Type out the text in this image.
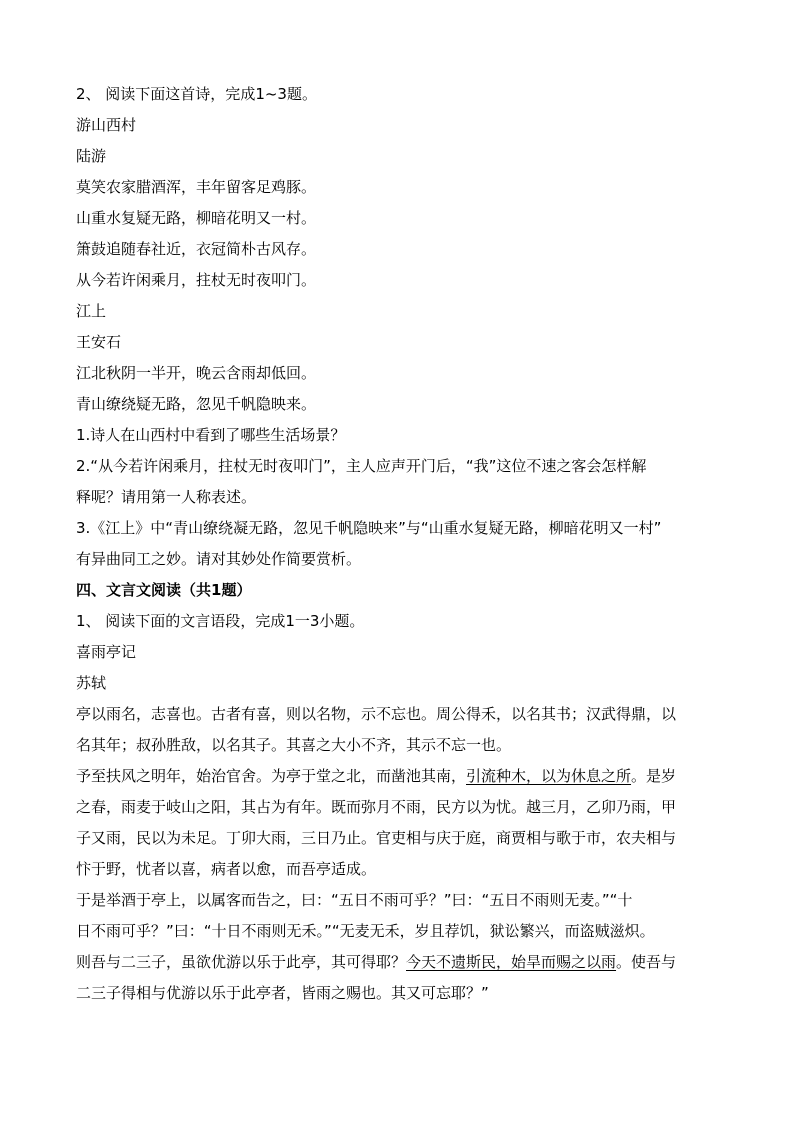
2、 阅读下面这首诗，完成1~3题。
游山西村
陆游
莫笑农家腊酒浑，丰年留客足鸡豚。
山重水复疑无路，柳暗花明又一村。
箫鼓追随春社近，衣冠简朴古风存。
从今若许闲乘月，拄杖无时夜叩门。
江上
王安石
江北秋阴一半开，晚云含雨却低回。
青山缭绕疑无路，忽见千帆隐映来。
1.诗人在山西村中看到了哪些生活场景？
2.“从今若许闲乘月，拄杖无时夜叩门”，主人应声开门后，“我”这位不速之客会怎样解
释呢？请用第一人称表述。
3.《江上》中“青山缭绕凝无路，忽见千帆隐映来”与“山重水复疑无路，柳暗花明又一村”
有异曲同工之妙。请对其妙处作简要赏析。
四、文言文阅读（共1题）
1、 阅读下面的文言语段，完成1一3小题。
喜雨亭记
苏轼
亭以雨名，志喜也。古者有喜，则以名物，示不忘也。周公得禾，以名其书；汉武得鼎，以
名其年；叔孙胜敌，以名其子。其喜之大小不齐，其示不忘一也。
予至扶风之明年，始治官舍。为亭于堂之北，而凿池其南，引流种木，以为休息之所。是岁
之春，雨麦于岐山之阳，其占为有年。既而弥月不雨，民方以为忧。越三月，乙卯乃雨，甲
子又雨，民以为未足。丁卯大雨，三日乃止。官吏相与庆于庭，商贾相与歌于市，农夫相与
忭于野，忧者以喜，病者以愈，而吾亭适成。
于是举酒于亭上，以属客而告之，曰：“五日不雨可乎？”曰：“五日不雨则无麦。”“十
日不雨可乎？”曰：“十日不雨则无禾。”“无麦无禾，岁且荐饥，狱讼繁兴，而盗贼滋炽。
则吾与二三子，虽欲优游以乐于此亭，其可得耶？今天不遗斯民，始旱而赐之以雨。使吾与
二三子得相与优游以乐于此亭者，皆雨之赐也。其又可忘耶？”
